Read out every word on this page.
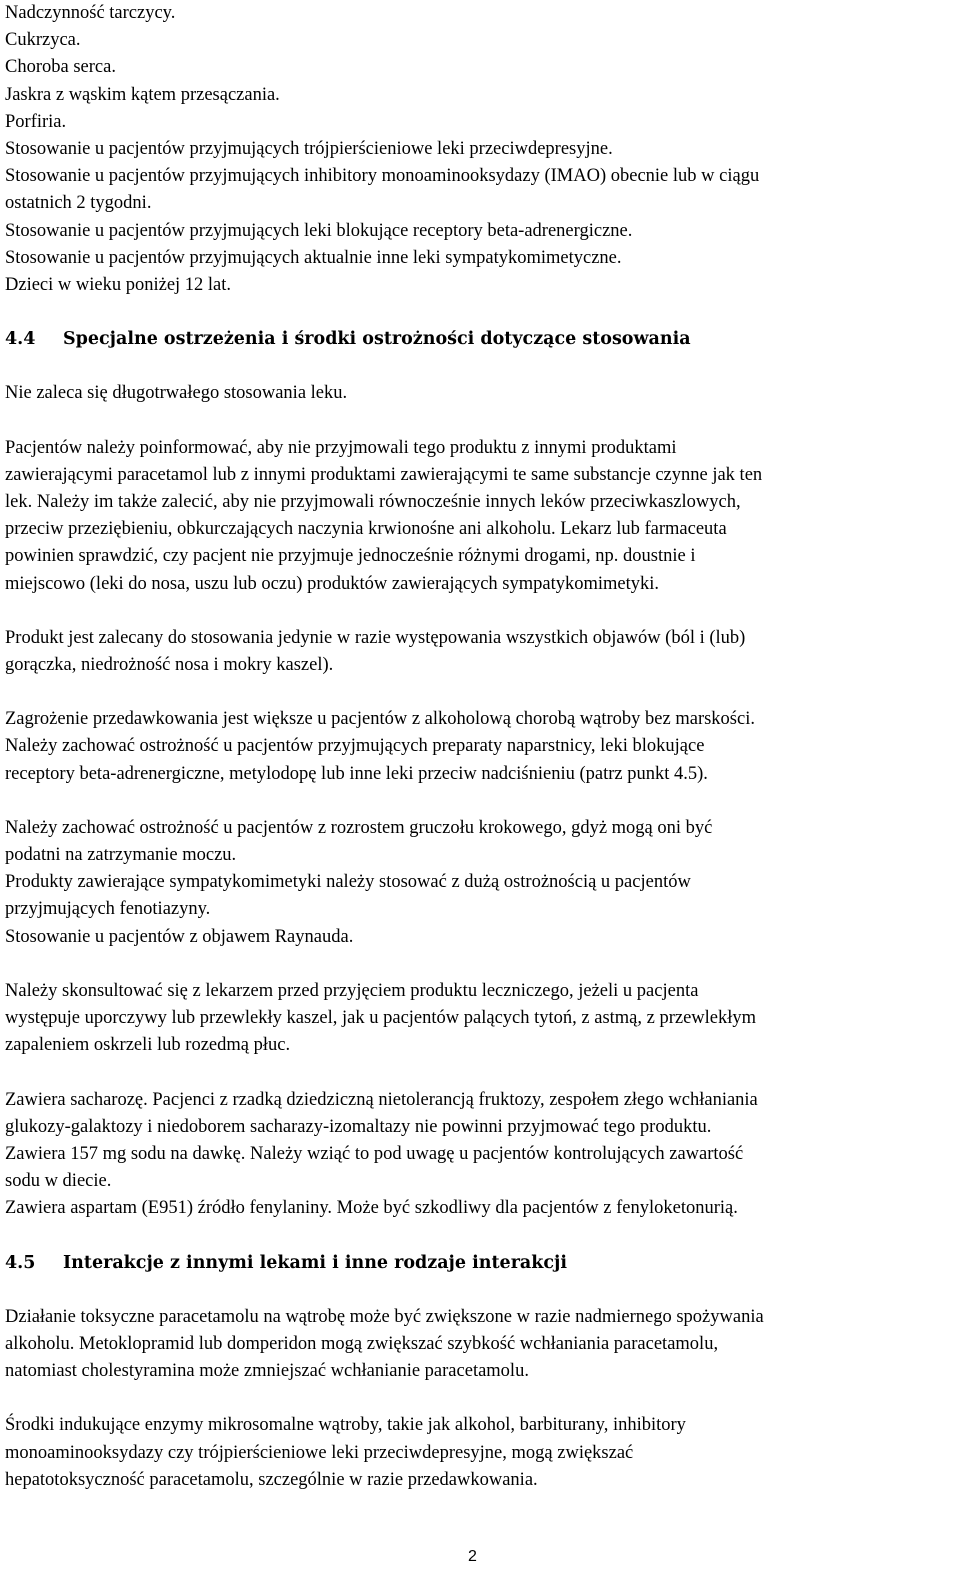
Nadczynność tarczycy.

Cukrzyca.

Choroba serca.

Jaskra z wąskim kątem przesączania.

Porfiria.

Stosowanie u pacjentów przyjmujących trójpierścieniowe leki przeciwdepresyjne.

Stosowanie u pacjentów przyjmujących inhibitory monoaminooksydazy (IMAO) obecnie lub w ciągu

ostatnich 2 tygodni.

Stosowanie u pacjentów przyjmujących leki blokujące receptory beta-adrenergiczne.

Stosowanie u pacjentów przyjmujących aktualnie inne leki sympatykomimetyczne.

Dzieci w wieku poniżej 12 lat.

4.4 Specjalne ostrzeżenia i środki ostrożności dotyczące stosowania

Nie zaleca się długotrwałego stosowania leku.

Pacjentów należy poinformować, aby nie przyjmowali tego produktu z innymi produktami

zawierającymi paracetamol lub z innymi produktami zawierającymi te same substancje czynne jak ten

lek. Należy im także zalecić, aby nie przyjmowali równocześnie innych leków przeciwkaszlowych,

przeciw przeziębieniu, obkurczających naczynia krwionośne ani alkoholu. Lekarz lub farmaceuta

powinien sprawdzić, czy pacjent nie przyjmuje jednocześnie różnymi drogami, np. doustnie i

miejscowo (leki do nosa, uszu lub oczu) produktów zawierających sympatykomimetyki.

Produkt jest zalecany do stosowania jedynie w razie występowania wszystkich objawów (ból i (lub)

gorączka, niedrożność nosa i mokry kaszel).

Zagrożenie przedawkowania jest większe u pacjentów z alkoholową chorobą wątroby bez marskości.

Należy zachować ostrożność u pacjentów przyjmujących preparaty naparstnicy, leki blokujące

receptory beta-adrenergiczne, metylodopę lub inne leki przeciw nadciśnieniu (patrz punkt 4.5).

Należy zachować ostrożność u pacjentów z rozrostem gruczołu krokowego, gdyż mogą oni być

podatni na zatrzymanie moczu.

Produkty zawierające sympatykomimetyki należy stosować z dużą ostrożnością u pacjentów

przyjmujących fenotiazyny.

Stosowanie u pacjentów z objawem Raynauda.

Należy skonsultować się z lekarzem przed przyjęciem produktu leczniczego, jeżeli u pacjenta

występuje uporczywy lub przewlekły kaszel, jak u pacjentów palących tytoń, z astmą, z przewlekłym

zapaleniem oskrzeli lub rozedmą płuc.

Zawiera sacharozę. Pacjenci z rzadką dziedziczną nietolerancją fruktozy, zespołem złego wchłaniania

glukozy-galaktozy i niedoborem sacharazy-izomaltazy nie powinni przyjmować tego produktu.

Zawiera 157 mg sodu na dawkę. Należy wziąć to pod uwagę u pacjentów kontrolujących zawartość

sodu w diecie.

Zawiera aspartam (E951) źródło fenylaniny. Może być szkodliwy dla pacjentów z fenyloketonurią.

4.5 Interakcje z innymi lekami i inne rodzaje interakcji

Działanie toksyczne paracetamolu na wątrobę może być zwiększone w razie nadmiernego spożywania

alkoholu. Metoklopramid lub domperidon mogą zwiększać szybkość wchłaniania paracetamolu,

natomiast cholestyramina może zmniejszać wchłanianie paracetamolu.

Środki indukujące enzymy mikrosomalne wątroby, takie jak alkohol, barbiturany, inhibitory

monoaminooksydazy czy trójpierścieniowe leki przeciwdepresyjne, mogą zwiększać

hepatotoksyczność paracetamolu, szczególnie w razie przedawkowania.

2
